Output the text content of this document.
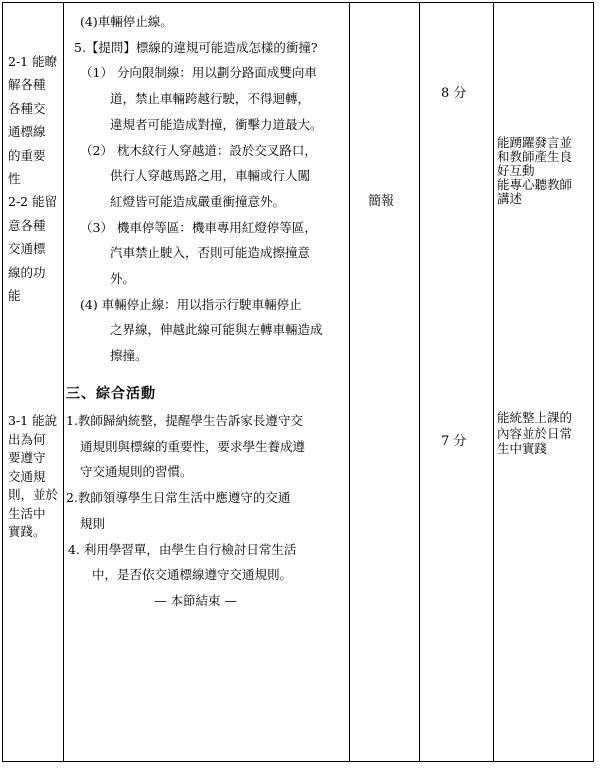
2-1 能瞭
解各種
各種交
通標線
的重要
性
2-2 能留
意各種
交通標
線的功
能
3-1 能說
出為何
要遵守
交通規
則，並於
生活中
實踐。
(4)車輛停止線。
5.【提問】標線的違規可能造成怎樣的衝撞?
（1） 分向限制線：用以劃分路面成雙向車
道，禁止車輛跨越行駛，不得迴轉，
違規者可能造成對撞，衝擊力道最大。
（2） 枕木紋行人穿越道：設於交叉路口，
供行人穿越馬路之用，車輛或行人闖
紅燈皆可能造成嚴重衝撞意外。
（3） 機車停等區：機車專用紅燈停等區，
汽車禁止駛入，否則可能造成擦撞意
外。
(4) 車輛停止線：用以指示行駛車輛停止
之界線，伸越此線可能與左轉車輛造成
擦撞。
三、綜合活動
1.教師歸納統整，提醒學生告訴家長遵守交
通規則與標線的重要性，要求學生養成遵
守交通規則的習慣。
2.教師領導學生日常生活中應遵守的交通
規則
4. 利用學習單，由學生自行檢討日常生活
中，是否依交通標線遵守交通規則。
— 本節結束 —
簡報
8 分
7 分
能踴躍發言並
和教師產生良
好互動
能專心聽教師
講述
能統整上課的
內容並於日常
生中實踐
